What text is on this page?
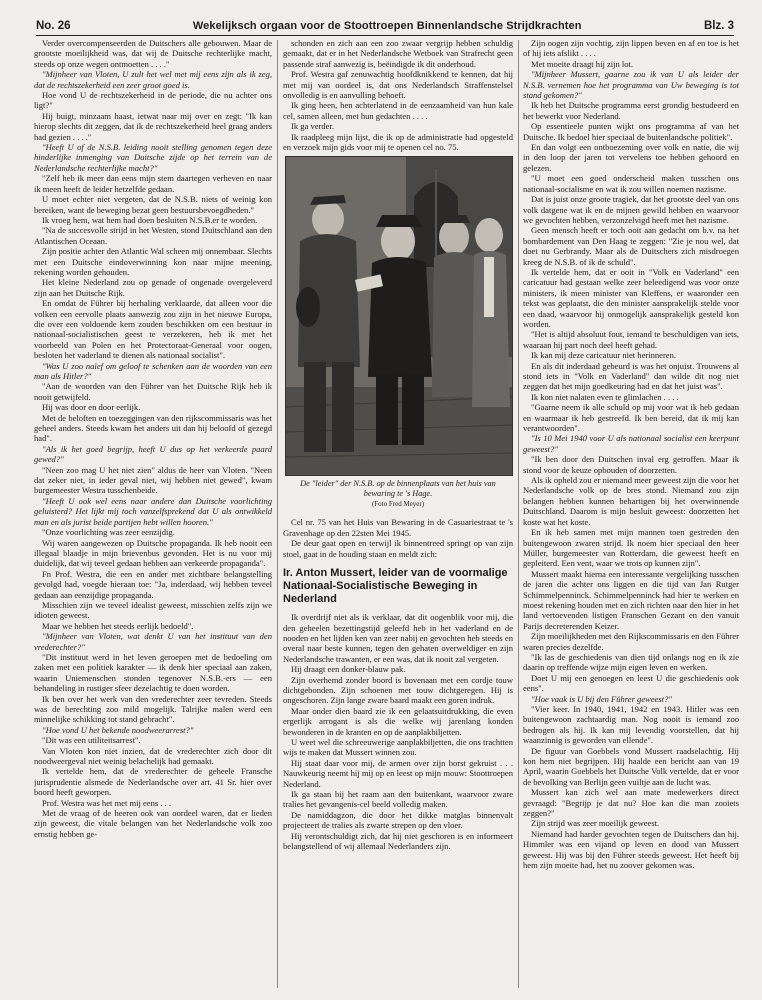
No. 26	Wekelijksch orgaan voor de Stoottroepen Binnenlandsche Strijdkrachten	Blz. 3

Verder overcompenseerden de Duitschers alle gebouwen. Maar de grootste moeilijkheid was, dat wij de Duitsche rechterlijke macht, steeds op onze wegen ontmoetten . . . ."

"Mijnheer van Vloten, U zult het wel met mij eens zijn als ik zeg, dat de rechtszekerheid een zeer groot goed is.

Hoe vond U de rechtszekerheid in de periode, die nu achter ons ligt?"

Hij buigt, minzaam haast, ietwat naar mij over en zegt: "Ik kan hierop slechts dit zeggen, dat ik de rechtszekerheid heel graag anders had gezien . . . ."

"Heeft U of de N.S.B. leiding nooit stelling genomen tegen deze hinderlijke inmenging van Duitsche zijde op het terrein van de Nederlandsche rechterlijke macht?"

"Zelf heb ik meer dan eens mijn stem daartegen verheven en naar ik meen heeft de leider hetzelfde gedaan.

U moet echter niet vergeten, dat de N.S.B. niets of weinig kon bereiken, want de beweging bezat geen bestuursbevoegdheden."

Ik vroeg hem, wat hem had doen besluiten N.S.B.er te worden.

"Na de succesvolle strijd in het Westen, stond Duitschland aan den Atlantischen Oceaan.

Zijn positie achter den Atlantic Wal scheen mij onnembaar. Slechts met een Duitsche eindoverwinning kon naar mijne meening, rekening worden gehouden.

Het kleine Nederland zou op genade of ongenade overgeleverd zijn aan het Duitsche Rijk.

En omdat de Führer bij herhaling verklaarde, dat alleen voor die volken een eervolle plaats aanwezig zou zijn in het nieuwe Europa, die over een voldoende kern zouden beschikken om een bestuur in nationaal-socialistischen geest te verzekeren, heb ik met het voorbeeld van Polen en het Protectoraat-Generaal voor oogen, besloten het vaderland te dienen als nationaal socialist".

"Was U zoo naïef om geloof te schenken aan de woorden van een man als Hitler?"

"Aan de woorden van den Führer van het Duitsche Rijk heb ik nooit getwijfeld.

Hij was door en door eerlijk.

Met de beloften en toezeggingen van den rijkscommissaris was het geheel anders. Steeds kwam het anders uit dan hij beloofd of gezegd had".

"Als ik het goed begrijp, heeft U dus op het verkeerde paard gewed?"

"Neen zoo mag U het niet zien" aldus de heer van Vloten. "Neen dat zeker niet, in ieder geval niet, wij hebben niet gewed", kwam burgemeester Westra tusschenbeide.

"Heeft U ook wel eens naar andere dan Duitsche voorlichting geluisterd? Het lijkt mij toch vanzelfsprekend dat U als ontwikkeld man en als jurist beide partijen hebt willen hooren."

"Onze voorlichting was zeer eenzijdig.

Wij waren aangewezen op Duitsche propaganda. Ik heb nooit een illegaal blaadje in mijn brievenbus gevonden. Het is nu voor mij duidelijk, dat wij teveel gedaan hebben aan verkeerde propaganda".

Fn Prof. Westra, die een en ander met zichtbare belangstelling gevolgd had, voegde hieraan toe: "Ja, inderdaad, wij hebben teveel gedaan aan eenzijdige propaganda.

Misschien zijn we teveel idealist geweest, misschien zelfs zijn we idioten geweest.

Maar we hebben het steeds eerlijk bedoeld".

"Mijnheer van Vloten, wat denkt U van het instituut van den vrederechter?"

"Dit instituut werd in het leven geroepen met de bedoeling om zaken met een politiek karakter — ik denk hier speciaal aan zaken, waarin Uniemenschen stonden tegenover N.S.B.-ers — een behandeling in rustiger sfeer dezelachtig te doen worden.

Ik ben over het werk van den vrederechter zeer tevreden. Steeds was de berechting zoo mild mogelijk. Talrijke malen werd een minnelijke schikking tot stand gebracht".

"Hoe vond U het bekende noodweerarrest?"

"Dit was een utiliteitsarrest".

Van Vloten kon niet inzien, dat de vrederechter zich door dit noodweergeval niet weinig belachelijk had gemaakt.

Ik vertelde hem, dat de vrederechter de geheele Fransche jurisprudentie alsmede de Nederlandsche over art. 41 Sr. hier over boord heeft geworpen.

Prof. Westra was het met mij eens . . .

Met de vraag of de heeren ook van oordeel waren, dat er lieden zijn geweest, die vitale belangen van het Nederlandsche volk zoo ernstig hebben ge-

schonden en zich aan een zoo zwaar vergrijp hebben schuldig gemaakt, dat er in het Nederlandsche Wetboek van Strafrecht geen passende straf aanwezig is, beëindigde ik dit onderhoud.

Prof. Westra gaf zenuwachtig hoofdknikkend te kennen, dat hij met mij van oordeel is, dat ons Nederlandsch Straffenstelsel onvolledig is en aanvulling behoeft.

Ik ging heen, hen achterlatend in de eenzaamheid van hun kale cel, samen alleen, met hun gedachten . . . .

Ik ga verder.

Ik raadpleeg mijn lijst, die ik op de administratie had opgesteld en verzoek mijn gids voor mij te openen cel no. 75.

De "leider" der N.S.B. op de binnenplaats van het huis van bewaring te 's Hage.
(Foto Fred Meyer)

Cel nr. 75 van het Huis van Bewaring in de Casuariestraat te 's Gravenhage op den 22sten Mei 1945.

De deur gaat open en terwijl ik binnentreed springt op van zijn stoel, gaat in de houding staan en meldt zich:

Ir. Anton Mussert, leider van de voormalige Nationaal-Socialistische Beweging in Nederland

Ik overdrijf niet als ik verklaar, dat dit oogenblik voor mij, die den geheelen bezettingstijd geleefd heb in het vaderland en de nooden en het lijden ken van zeer nabij en gevochten heb steeds en overal naar beste kunnen, tegen den gehaten overweldiger en zijn Nederlandsche trawanten, er een was, dat ik nooit zal vergeten.

Hij draagt een donker-blauw pak.

Zijn overhemd zonder boord is bovenaan met een cordje touw dichtgebonden. Zijn schoenen met touw dichtgeregen. Hij is ongeschoren. Zijn lange zware baard maakt een goren indruk.

Maar onder dien baard zie ik een gelaatsuitdrukking, die even ergerlijk arrogant is als die welke wij jarenlang konden bewonderen in de kranten en op de aanplakbiljetten.

U weet wel die schreeuwerige aanplakbiljetten, die ons trachtten wijs te maken dat Mussert winnen zou.

Hij staat daar voor mij, de armen over zijn borst gekruist . . . Nauwkeurig neemt hij mij op en leest op mijn mouw: Stoottroepen Nederland.

Ik ga staan bij het raam aan den buitenkant, waarvoor zware tralies het gevangenis-cel beeld volledig maken.

De namiddagzon, die door het dikke matglas binnenvalt projecteert de tralies als zwarte strepen op den vloer.

Hij verontschuldigt zich, dat hij niet geschoren is en informeert belangstellend of wij allemaal Nederlanders zijn.

Zijn oogen zijn vochtig, zijn lippen beven en af en toe is het of hij iets afslikt . . . .

Met moeite draagt hij zijn lot.

"Mijnheer Mussert, gaarne zou ik van U als leider der N.S.B. vernemen hoe het programma van Uw beweging is tot stand gekomen?"

Ik heb het Duitsche programma eerst grondig bestudeerd en het bewerkt voor Nederland.

Op essentieele punten wijkt ons programma af van het Duitsche. Ik bedoel hier speciaal de buitenlandsche politiek".

En dan volgt een ontboezeming over volk en natie, die wij in den loop der jaren tot vervelens toe hebben gehoord en gelezen.

"U moet een goed onderscheid maken tusschen ons nationaal-socialisme en wat ik zou willen noemen nazisme.

Dat is juist onze groote tragiek, dat het grootste deel van ons volk datgene wat ik en de mijnen gewild hebben en waarvoor we gevochten hebben, verzonzelvigd heeft met het nazisme.

Geen mensch heeft er toch ooit aan gedacht om b.v. na het bombardement van Den Haag te zeggen: "Zie je nou wel, dat doet nu Gerbrandy. Maar als de Duitschers zich misdroegen kreeg de N.S.B. of ik de schuld".

Ik vertelde hem, dat er ooit in "Volk en Vaderland" een caricatuur had gestaan welke zeer beleedigend was voor onze ministers, ik meen minister van Kleffens, er waaronder een tekst was geplaatst, die den minister aansprakelijk stelde voor een daad, waarvoor hij onmogelijk aansprakelijk gesteld kon worden.

"Het is altijd absoluut fout, iemand te beschuldigen van iets, waaraan hij part noch deel heeft gehad.

Ik kan mij deze caricatuur niet herinneren.

En als dit inderdaad gebeurd is was het onjuist. Trouwens al stond iets in "Volk en Vaderland" dan wilde dit nog niet zeggen dat het mijn goedkeuring had en dat het juist was".

Ik kon niet nalaten even te glimlachen . . . .

"Gaarne neem ik alle schuld op mij voor wat ik heb gedaan en waarmaar ik heb gestreefd. Ik ben bereid, dat ik mij kan verantwoorden".

"Is 10 Mei 1940 voor U als nationaal socialist een keerpunt geweest?"

"Ik ben door den Duitschen inval erg getroffen. Maar ik stond voor de keuze opbouden of doorzetten.

Als ik opheld zou er niemand meer geweest zijn die voor het Nederlandsche volk op de bres stond. Niemand zou zijn belangen hebben kunnen behartigen bij het overwinnende Duitschland. Daarom is mijn besluit geweest: doorzetten het koste wat het koste.

En ik heb samen met mijn mannen toen gestreden den buitengewoon zwaren strijd. Ik noem hier speciaal den heer Müller, burgemeester van Rotterdam, die geweest heeft en gepleiterd. Een vent, waar we trots op kunnen zijn".

Mussert maakt hierna een interessante vergelijking tusschen de jaren die achter ons liggen en die tijd van Jan Rutger Schimmelpenninck. Schimmelpenninck had hier te werken en moest rekening houden met en zich richten naar den hier in het land vertoevenden listigen Franschen Gezant en den vanuit Parijs decreterenden Keizer.

Zijn moeilijkheden met den Rijkscommissaris en den Führer waren precies dezelfde.

"Ik las de geschiedenis van dien tijd onlangs nog en ik zie daarin op treffende wijze mijn eigen leven en werken.

Doet U mij een genoegen en leest U die geschiedenis ook eens".

"Hoe vaak is U bij den Führer geweest?"

"Vier keer. In 1940, 1941, 1942 en 1943. Hitler was een buitengewoon zachtaardig man. Nog nooit is iemand zoo bedrogen als hij. Ik kan mij levendig voorstellen, dat hij waanzinnig is geworden van ellende".

De figuur van Goebbels vond Mussert raadselachtig. Hij kon hem niet begrijpen. Hij haalde een bericht aan van 19 April, waarin Goebbels het Duitsche Volk vertelde, dat er voor de bevolking van Berlijn geen vuiltje aan de lucht was.

Mussert kan zich wel aan mate medewerkers direct gevraagd: "Begrijp je dat nu? Hoe kan die man zooiets zeggen?"

Zijn strijd was zeer moeilijk geweest.

Niemand had harder gevochten tegen de Duitschers dan hij. Himmler was een vijand op leven en dood van Mussert geweest. Hij was bij den Führer steeds geweest. Het heeft bij hem zijn moeite had, het nu zoover gekomen was.
